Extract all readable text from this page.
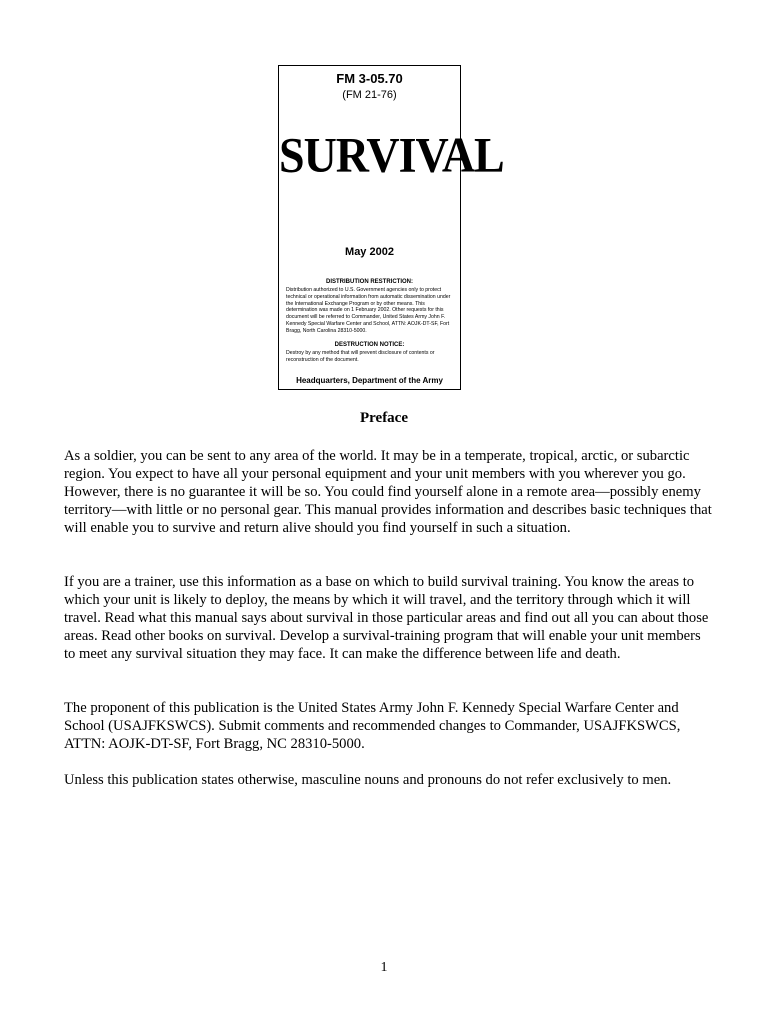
FM 3-05.70
(FM 21-76)
SURVIVAL
May 2002
DISTRIBUTION RESTRICTION:
Distribution authorized to U.S. Government agencies only to protect technical or operational information from automatic dissemination under the International Exchange Program or by other means. This determination was made on 1 February 2002. Other requests for this document will be referred to Commander, United States Army John F. Kennedy Special Warfare Center and School, ATTN: AOJK-DT-SF, Fort Bragg, North Carolina 28310-5000.
DESTRUCTION NOTICE:
Destroy by any method that will prevent disclosure of contents or reconstruction of the document.
Headquarters, Department of the Army
Preface

As a soldier, you can be sent to any area of the world. It may be in a temperate, tropical, arctic, or subarctic region. You expect to have all your personal equipment and your unit members with you wherever you go. However, there is no guarantee it will be so. You could find yourself alone in a remote area—possibly enemy territory—with little or no personal gear. This manual provides information and describes basic techniques that will enable you to survive and return alive should you find yourself in such a situation.

If you are a trainer, use this information as a base on which to build survival training. You know the areas to which your unit is likely to deploy, the means by which it will travel, and the territory through which it will travel. Read what this manual says about survival in those particular areas and find out all you can about those areas. Read other books on survival. Develop a survival-training program that will enable your unit members to meet any survival situation they may face. It can make the difference between life and death.

The proponent of this publication is the United States Army John F. Kennedy Special Warfare Center and School (USAJFKSWCS). Submit comments and recommended changes to Commander, USAJFKSWCS, ATTN: AOJK-DT-SF, Fort Bragg, NC 28310-5000.

Unless this publication states otherwise, masculine nouns and pronouns do not refer exclusively to men.

1
